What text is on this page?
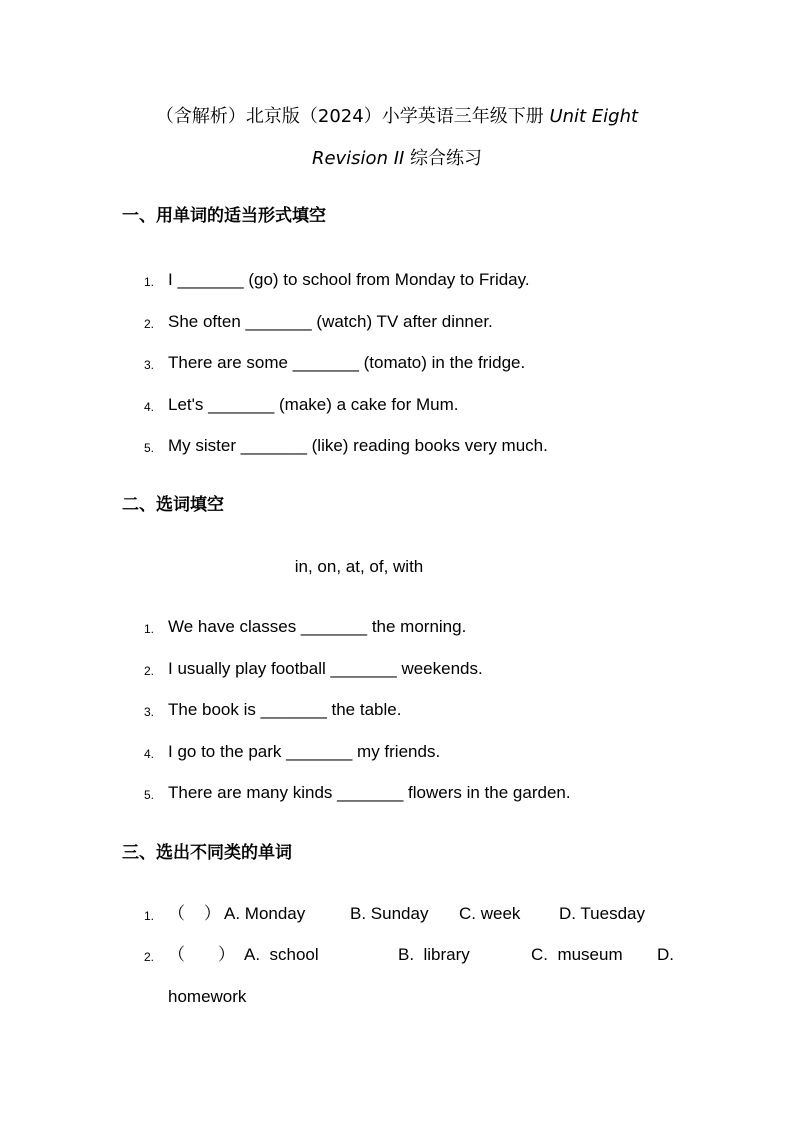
（含解析）北京版（2024）小学英语三年级下册 Unit Eight
Revision II 综合练习
一、用单词的适当形式填空
1. I _______ (go) to school from Monday to Friday.
2. She often _______ (watch) TV after dinner.
3. There are some _______ (tomato) in the fridge.
4. Let's _______ (make) a cake for Mum.
5. My sister _______ (like) reading books very much.
二、选词填空
in, on, at, of, with
1. We have classes _______ the morning.
2. I usually play football _______ weekends.
3. The book is _______ the table.
4. I go to the park _______ my friends.
5. There are many kinds _______ flowers in the garden.
三、选出不同类的单词
1. （    ） A. Monday	B. Sunday C. week D. Tuesday
2. （       ） A.  school	B.  library	C.  museum D.
homework
